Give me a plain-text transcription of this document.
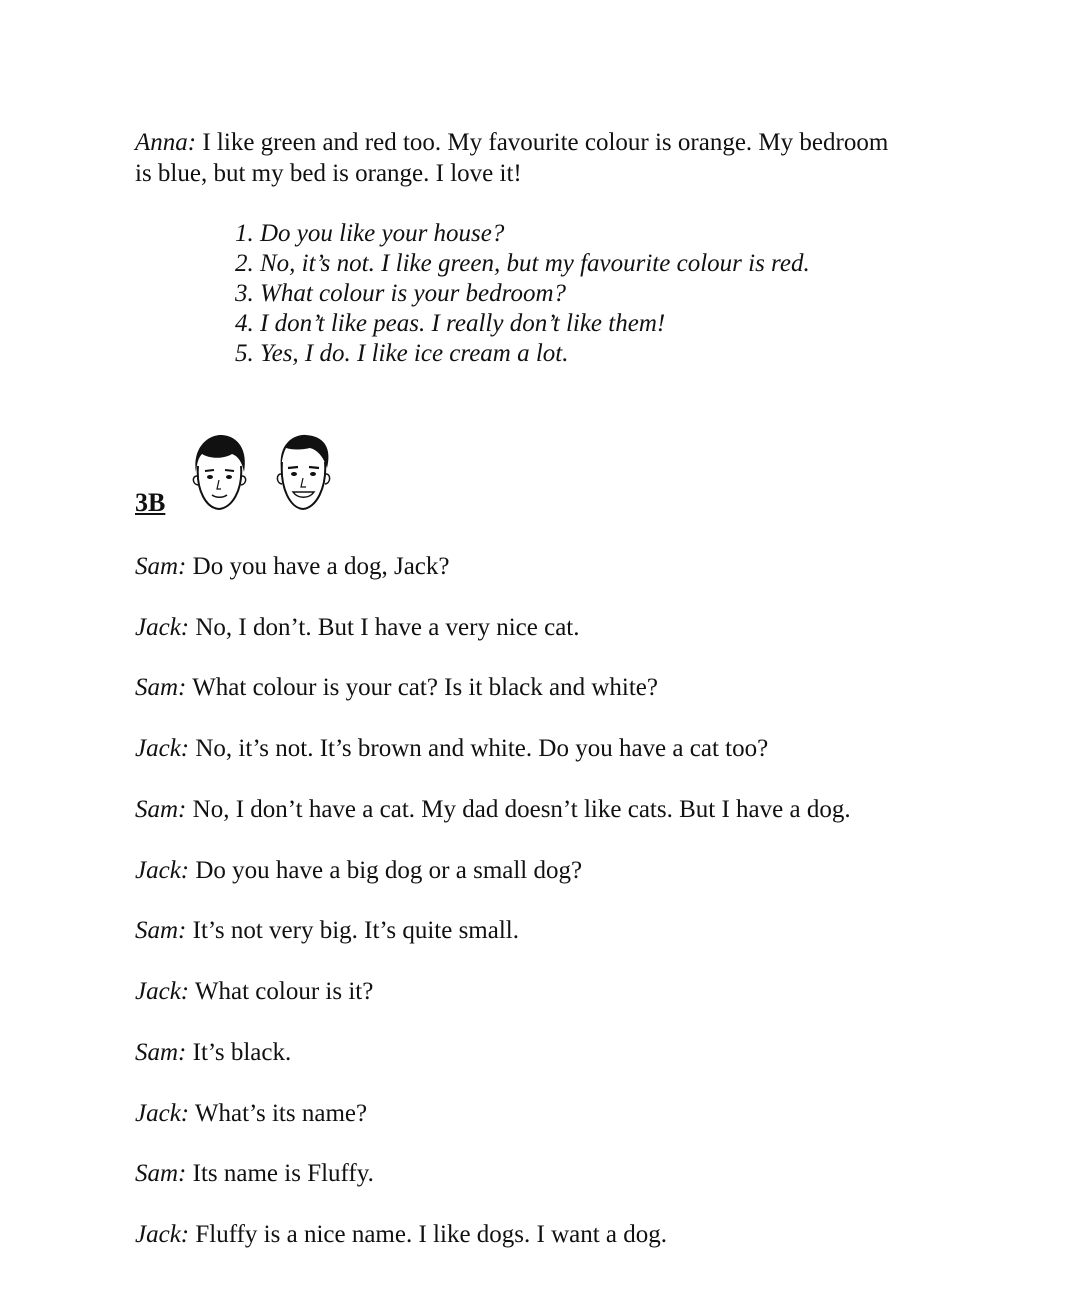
Anna: I like green and red too. My favourite colour is orange. My bedroom
is blue, but my bed is orange. I love it!
1. Do you like your house?
2. No, it’s not. I like green, but my favourite colour is red.
3. What colour is your bedroom?
4. I don’t like peas. I really don’t like them!
5. Yes, I do. I like ice cream a lot.
3B
Sam: Do you have a dog, Jack?
Jack: No, I don’t. But I have a very nice cat.
Sam: What colour is your cat? Is it black and white?
Jack: No, it’s not. It’s brown and white. Do you have a cat too?
Sam: No, I don’t have a cat. My dad doesn’t like cats. But I have a dog.
Jack: Do you have a big dog or a small dog?
Sam: It’s not very big. It’s quite small.
Jack: What colour is it?
Sam: It’s black.
Jack: What’s its name?
Sam: Its name is Fluffy.
Jack: Fluffy is a nice name. I like dogs. I want a dog.
